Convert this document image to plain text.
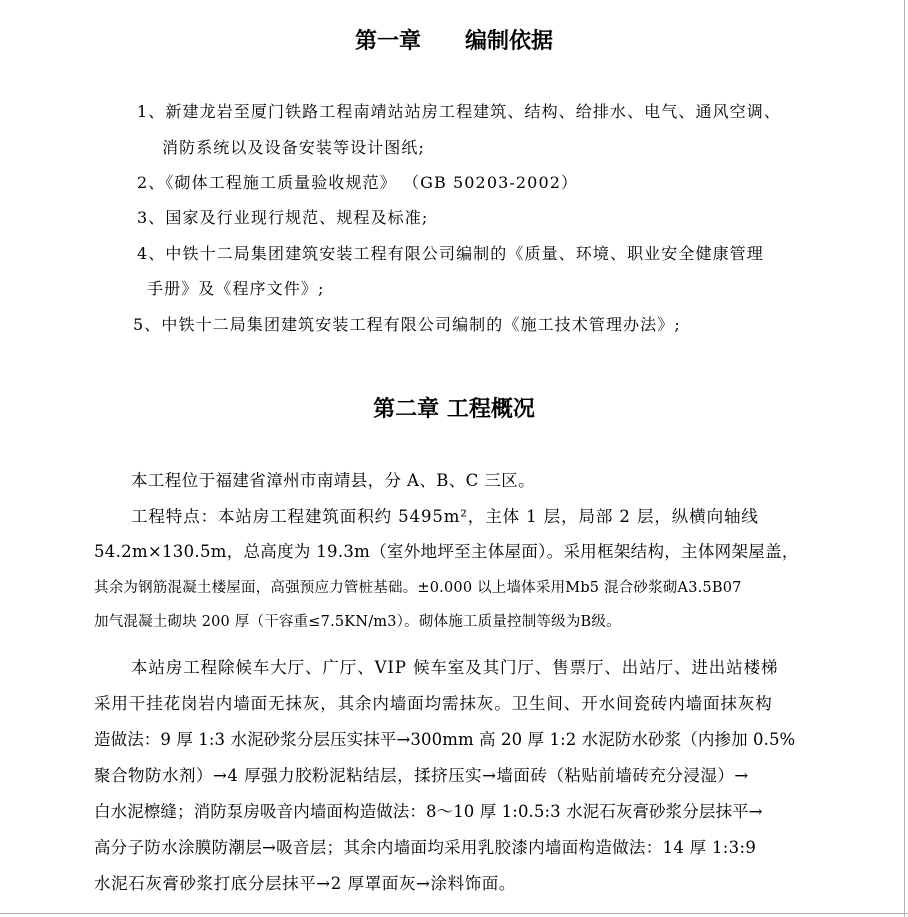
第一章　　编制依据
1、新建龙岩至厦门铁路工程南靖站站房工程建筑、结构、给排水、电气、通风空调、
消防系统以及设备安装等设计图纸;
2、《砌体工程施工质量验收规范》 （GB 50203-2002）
3、国家及行业现行规范、规程及标准;
4、中铁十二局集团建筑安装工程有限公司编制的《质量、环境、职业安全健康管理
手册》及《程序文件》;
5、中铁十二局集团建筑安装工程有限公司编制的《施工技术管理办法》;
第二章 工程概况
本工程位于福建省漳州市南靖县，分 A、B、C 三区。
工程特点：本站房工程建筑面积约 5495m²，主体 1 层，局部 2 层，纵横向轴线
54.2m×130.5m，总高度为 19.3m（室外地坪至主体屋面）。采用框架结构，主体网架屋盖，
其余为钢筋混凝土楼屋面，高强预应力管桩基础。±0.000 以上墙体采用Mb5 混合砂浆砌A3.5B07
加气混凝土砌块 200 厚（干容重≤7.5KN/m3）。砌体施工质量控制等级为B级。
本站房工程除候车大厅、广厅、VIP 候车室及其门厅、售票厅、出站厅、进出站楼梯
采用干挂花岗岩内墙面无抹灰，其余内墙面均需抹灰。卫生间、开水间瓷砖内墙面抹灰构
造做法：9 厚 1:3 水泥砂浆分层压实抹平→300mm 高 20 厚 1:2 水泥防水砂浆（内掺加 0.5%
聚合物防水剂）→4 厚强力胶粉泥粘结层，揉挤压实→墙面砖（粘贴前墙砖充分浸湿）→
白水泥檫缝；消防泵房吸音内墙面构造做法：8～10 厚 1:0.5:3 水泥石灰膏砂浆分层抹平→
高分子防水涂膜防潮层→吸音层；其余内墙面均采用乳胶漆内墙面构造做法：14 厚 1:3:9
水泥石灰膏砂浆打底分层抹平→2 厚罩面灰→涂料饰面。
